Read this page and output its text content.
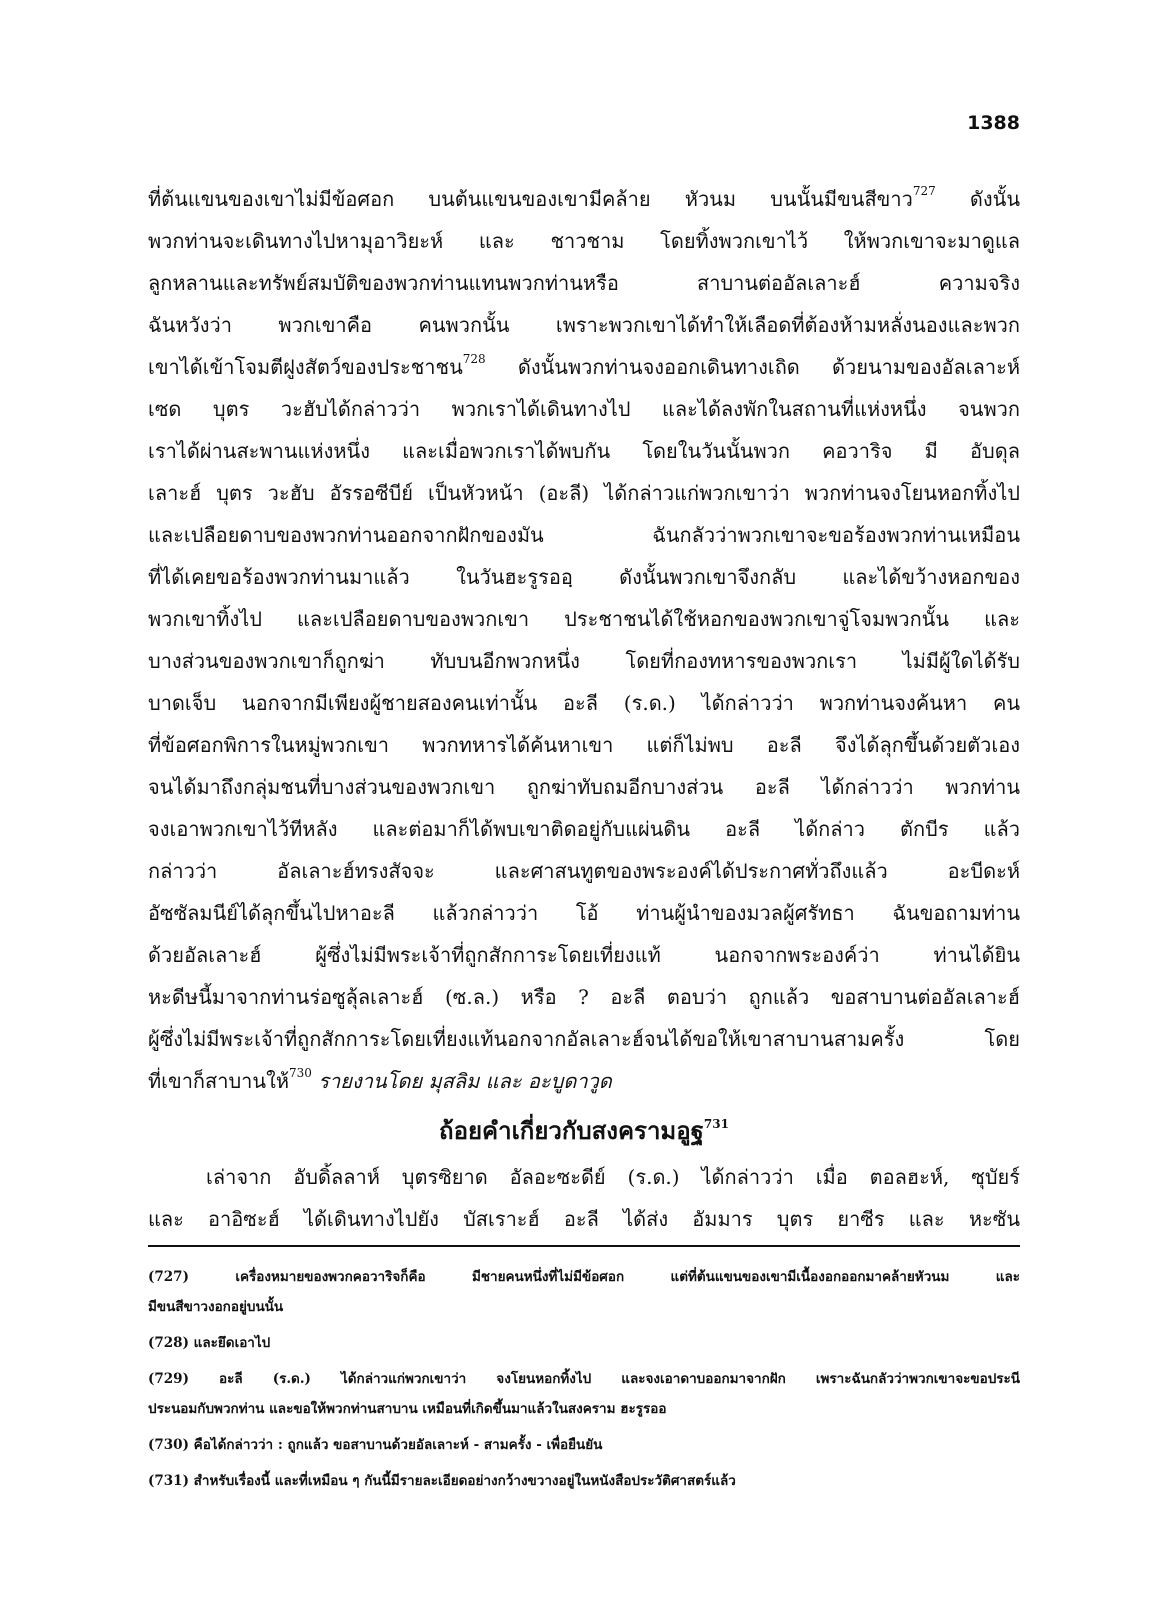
1388
ที่ต้นแขนของเขาไม่มีข้อศอก บนต้นแขนของเขามีคล้าย หัวนม บนนั้นมีขนสีขาว$^{727}$ ดังนั้น
พวกท่านจะเดินทางไปหามุอาวิยะห์ และ ชาวชาม โดยทิ้งพวกเขาไว้ ให้พวกเขาจะมาดูแล
ลูกหลานและทรัพย์สมบัติของพวกท่านแทนพวกท่านหรือ สาบานต่ออัลเลาะฮ์ ความจริง
ฉันหวังว่า พวกเขาคือ คนพวกนั้น เพราะพวกเขาได้ทำให้เลือดที่ต้องห้ามหลั่งนองและพวก
เขาได้เข้าโจมตีฝูงสัตว์ของประชาชน$^{728}$ ดังนั้นพวกท่านจงออกเดินทางเถิด ด้วยนามของอัลเลาะห์
เซด บุตร วะฮับได้กล่าวว่า พวกเราได้เดินทางไป และได้ลงพักในสถานที่แห่งหนึ่ง จนพวก
เราได้ผ่านสะพานแห่งหนึ่ง และเมื่อพวกเราได้พบกัน โดยในวันนั้นพวก คอวาริจ มี อับดุล
เลาะฮ์ บุตร วะฮับ อัรรอซีบีย์ เป็นหัวหน้า (อะลี) ได้กล่าวแก่พวกเขาว่า พวกท่านจงโยนหอกทิ้งไป
และเปลือยดาบของพวกท่านออกจากฝักของมัน ฉันกลัวว่าพวกเขาจะขอร้องพวกท่านเหมือน
ที่ได้เคยขอร้องพวกท่านมาแล้ว ในวันฮะรูรออฺ ดังนั้นพวกเขาจึงกลับ และได้ขว้างหอกของ
พวกเขาทิ้งไป และเปลือยดาบของพวกเขา ประชาชนได้ใช้หอกของพวกเขาจู่โจมพวกนั้น และ
บางส่วนของพวกเขาก็ถูกฆ่า ทับบนอีกพวกหนึ่ง โดยที่กองทหารของพวกเรา ไม่มีผู้ใดได้รับ
บาดเจ็บ นอกจากมีเพียงผู้ชายสองคนเท่านั้น อะลี (ร.ด.) ได้กล่าวว่า พวกท่านจงค้นหา คน
ที่ข้อศอกพิการในหมู่พวกเขา พวกทหารได้ค้นหาเขา แต่ก็ไม่พบ อะลี จึงได้ลุกขึ้นด้วยตัวเอง
จนได้มาถึงกลุ่มชนที่บางส่วนของพวกเขา ถูกฆ่าทับถมอีกบางส่วน อะลี ได้กล่าวว่า พวกท่าน
จงเอาพวกเขาไว้ทีหลัง และต่อมาก็ได้พบเขาติดอยู่กับแผ่นดิน อะลี ได้กล่าว ตักบีร แล้ว
กล่าวว่า อัลเลาะฮ์ทรงสัจจะ และศาสนทูตของพระองค์ได้ประกาศทั่วถึงแล้ว อะบีดะห์
อัซซัลมนีย์ได้ลุกขึ้นไปหาอะลี แล้วกล่าวว่า โอ้ ท่านผู้นำของมวลผู้ศรัทธา ฉันขอถามท่าน
ด้วยอัลเลาะฮ์ ผู้ซึ่งไม่มีพระเจ้าที่ถูกสักการะโดยเที่ยงแท้ นอกจากพระองค์ว่า ท่านได้ยิน
หะดีษนี้มาจากท่านร่อซูลุ้ลเลาะฮ์ (ซ.ล.) หรือ ? อะลี ตอบว่า ถูกแล้ว ขอสาบานต่ออัลเลาะฮ์
ผู้ซึ่งไม่มีพระเจ้าที่ถูกสักการะโดยเที่ยงแท้นอกจากอัลเลาะฮ์จนได้ขอให้เขาสาบานสามครั้ง โดย
ที่เขาก็สาบานให้$^{730}$ รายงานโดย มุสลิม และ อะบูดาวูด
ถ้อยคำเกี่ยวกับสงครามอูฐ$^{731}$
เล่าจาก อับดิ้ลลาห์ บุตรซิยาด อัลอะซะดีย์ (ร.ด.) ได้กล่าวว่า เมื่อ ตอลฮะห์, ซุบัยร์
และ อาอิซะฮ์ ได้เดินทางไปยัง บัสเราะฮ์ อะลี ได้ส่ง อัมมาร บุตร ยาซีร และ หะซัน
(727)	เครื่องหมายของพวกคอวาริจก็คือ มีชายคนหนึ่งที่ไม่มีข้อศอก แต่ที่ต้นแขนของเขามีเนื้องอกออกมาคล้ายหัวนม และ
มีขนสีขาวงอกอยู่บนนั้น
(728) และยึดเอาไป
(729) อะลี (ร.ด.) ได้กล่าวแก่พวกเขาว่า จงโยนหอกทิ้งไป และจงเอาดาบออกมาจากฝัก เพราะฉันกลัวว่าพวกเขาจะขอประนี
ประนอมกับพวกท่าน และขอให้พวกท่านสาบาน เหมือนที่เกิดขึ้นมาแล้วในสงคราม ฮะรูรออ
(730) คือได้กล่าวว่า : ถูกแล้ว ขอสาบานด้วยอัลเลาะห์ - สามครั้ง - เพื่อยืนยัน
(731) สำหรับเรื่องนี้ และที่เหมือน ๆ กันนี้มีรายละเอียดอย่างกว้างขวางอยู่ในหนังสือประวัติศาสตร์แล้ว
